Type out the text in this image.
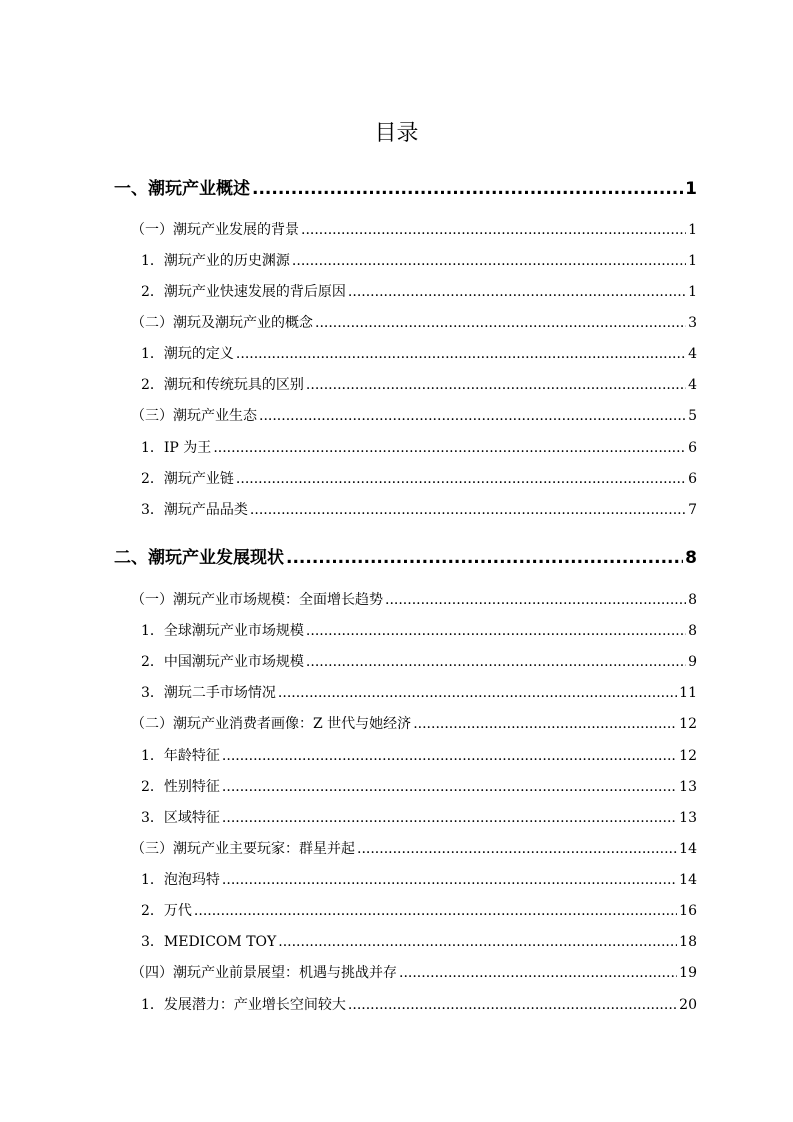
目录
一、潮玩产业概述 .....	1
（一）潮玩产业发展的背景 .....	1
1．潮玩产业的历史渊源 .....	1
2．潮玩产业快速发展的背后原因 .....	1
（二）潮玩及潮玩产业的概念 .....	3
1．潮玩的定义 .....	4
2．潮玩和传统玩具的区别 .....	4
（三）潮玩产业生态 .....	5
1．IP 为王 .....	6
2．潮玩产业链 .....	6
3．潮玩产品品类 .....	7
二、潮玩产业发展现状 .....	8
（一）潮玩产业市场规模：全面增长趋势 .....	8
1．全球潮玩产业市场规模 .....	8
2．中国潮玩产业市场规模 .....	9
3．潮玩二手市场情况 .....	11
（二）潮玩产业消费者画像：Z 世代与她经济 .....	12
1．年龄特征 .....	12
2．性别特征 .....	13
3．区域特征 .....	13
（三）潮玩产业主要玩家：群星并起 .....	14
1．泡泡玛特 .....	14
2．万代 .....	16
3．MEDICOM TOY .....	18
（四）潮玩产业前景展望：机遇与挑战并存 .....	19
1．发展潜力：产业增长空间较大 .....	20
